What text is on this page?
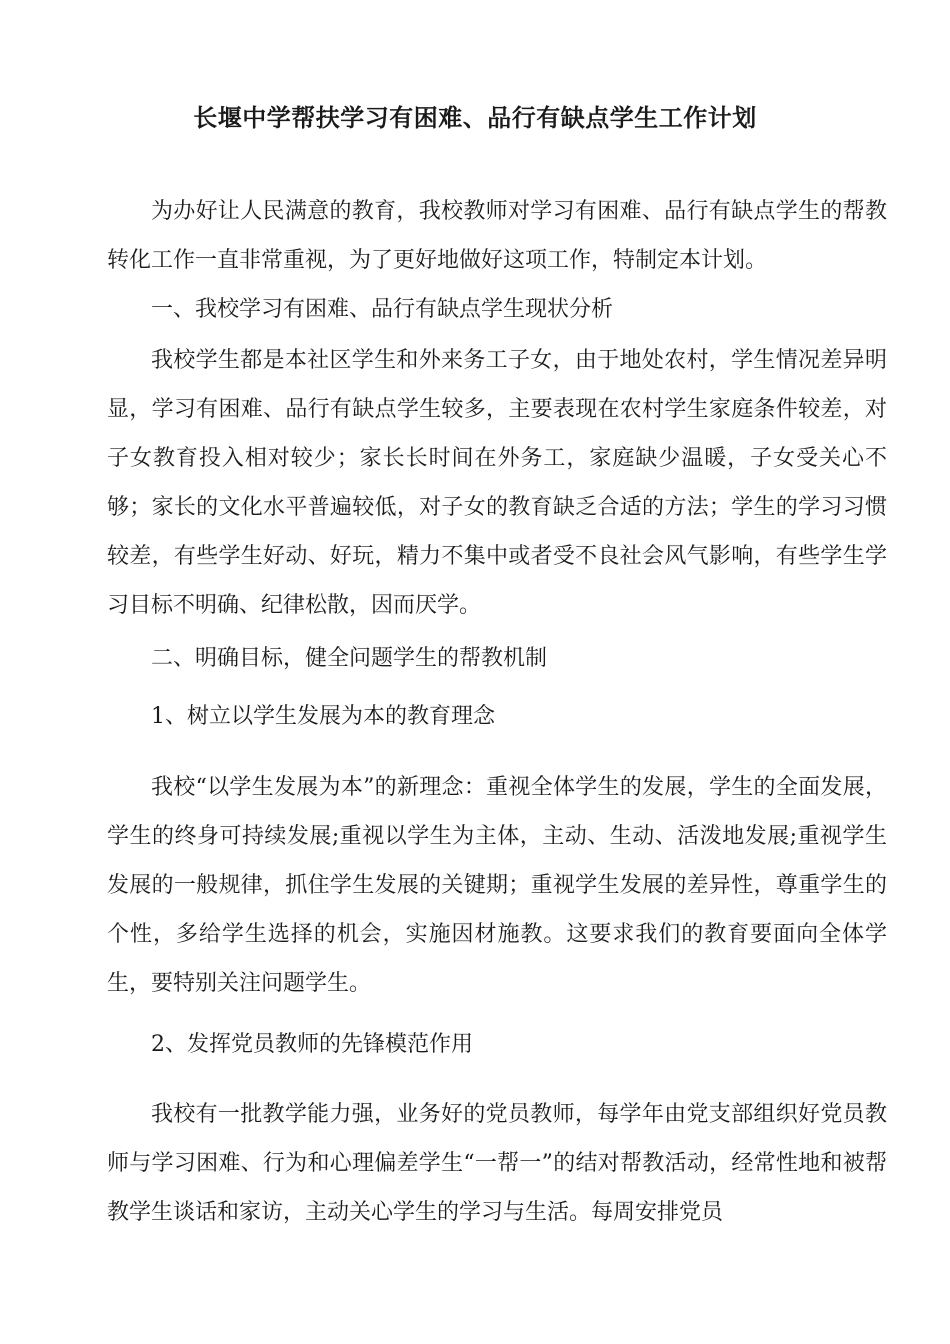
长堰中学帮扶学习有困难、品行有缺点学生工作计划

为办好让人民满意的教育，我校教师对学习有困难、品行有缺点学生的帮教转化工作一直非常重视，为了更好地做好这项工作，特制定本计划。

一、我校学习有困难、品行有缺点学生现状分析

我校学生都是本社区学生和外来务工子女，由于地处农村，学生情况差异明显，学习有困难、品行有缺点学生较多，主要表现在农村学生家庭条件较差，对子女教育投入相对较少；家长长时间在外务工，家庭缺少温暖，子女受关心不够；家长的文化水平普遍较低，对子女的教育缺乏合适的方法；学生的学习习惯较差，有些学生好动、好玩，精力不集中或者受不良社会风气影响，有些学生学习目标不明确、纪律松散，因而厌学。

二、明确目标，健全问题学生的帮教机制

1、树立以学生发展为本的教育理念

我校“以学生发展为本”的新理念：重视全体学生的发展，学生的全面发展，学生的终身可持续发展;重视以学生为主体，主动、生动、活泼地发展;重视学生发展的一般规律，抓住学生发展的关键期；重视学生发展的差异性，尊重学生的个性，多给学生选择的机会，实施因材施教。这要求我们的教育要面向全体学生，要特别关注问题学生。

2、发挥党员教师的先锋模范作用

我校有一批教学能力强，业务好的党员教师，每学年由党支部组织好党员教师与学习困难、行为和心理偏差学生“一帮一”的结对帮教活动，经常性地和被帮教学生谈话和家访，主动关心学生的学习与生活。每周安排党员
